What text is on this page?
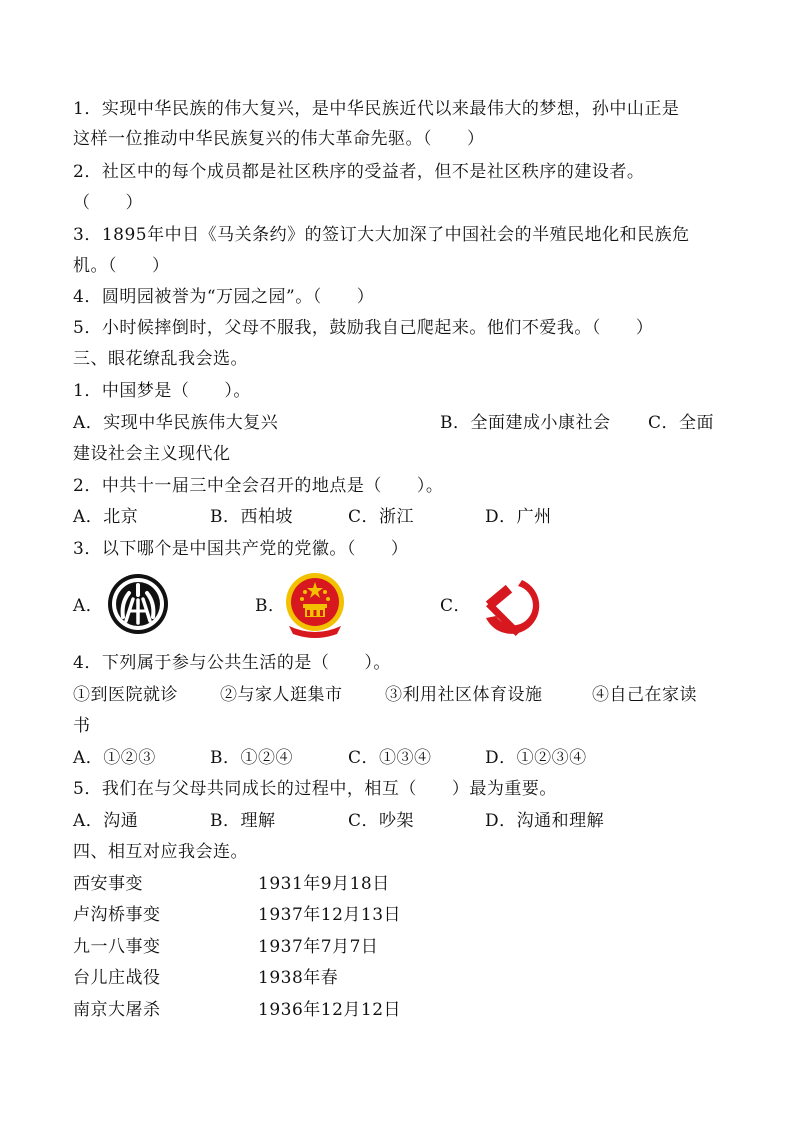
1．实现中华民族的伟大复兴，是中华民族近代以来最伟大的梦想，孙中山正是
这样一位推动中华民族复兴的伟大革命先驱。（　　）
2．社区中的每个成员都是社区秩序的受益者，但不是社区秩序的建设者。
（　　）
3．1895年中日《马关条约》的签订大大加深了中国社会的半殖民地化和民族危
机。（　　）
4．圆明园被誉为“万园之园”。（　　）
5．小时候摔倒时，父母不服我，鼓励我自己爬起来。他们不爱我。（　　）
三、眼花缭乱我会选。
1．中国梦是（　　）。
A．实现中华民族伟大复兴	B．全面建成小康社会 C．全面
建设社会主义现代化
2．中共十一届三中全会召开的地点是（　　）。
A．北京	B．西柏坡	C．浙江	D．广州
3．以下哪个是中国共产党的党徽。（　　）
A．	B．	C．
4．下列属于参与公共生活的是（　　）。
①到医院就诊 ②与家人逛集市	③利用社区体育设施	④自己在家读
书
A．①②③	B．①②④	C．①③④	D．①②③④
5．我们在与父母共同成长的过程中，相互（　　）最为重要。
A．沟通	B．理解	C．吵架	D．沟通和理解
四、相互对应我会连。
西安事变	1931年9月18日
卢沟桥事变	1937年12月13日
九一八事变	1937年7月7日
台儿庄战役	1938年春
南京大屠杀	1936年12月12日
